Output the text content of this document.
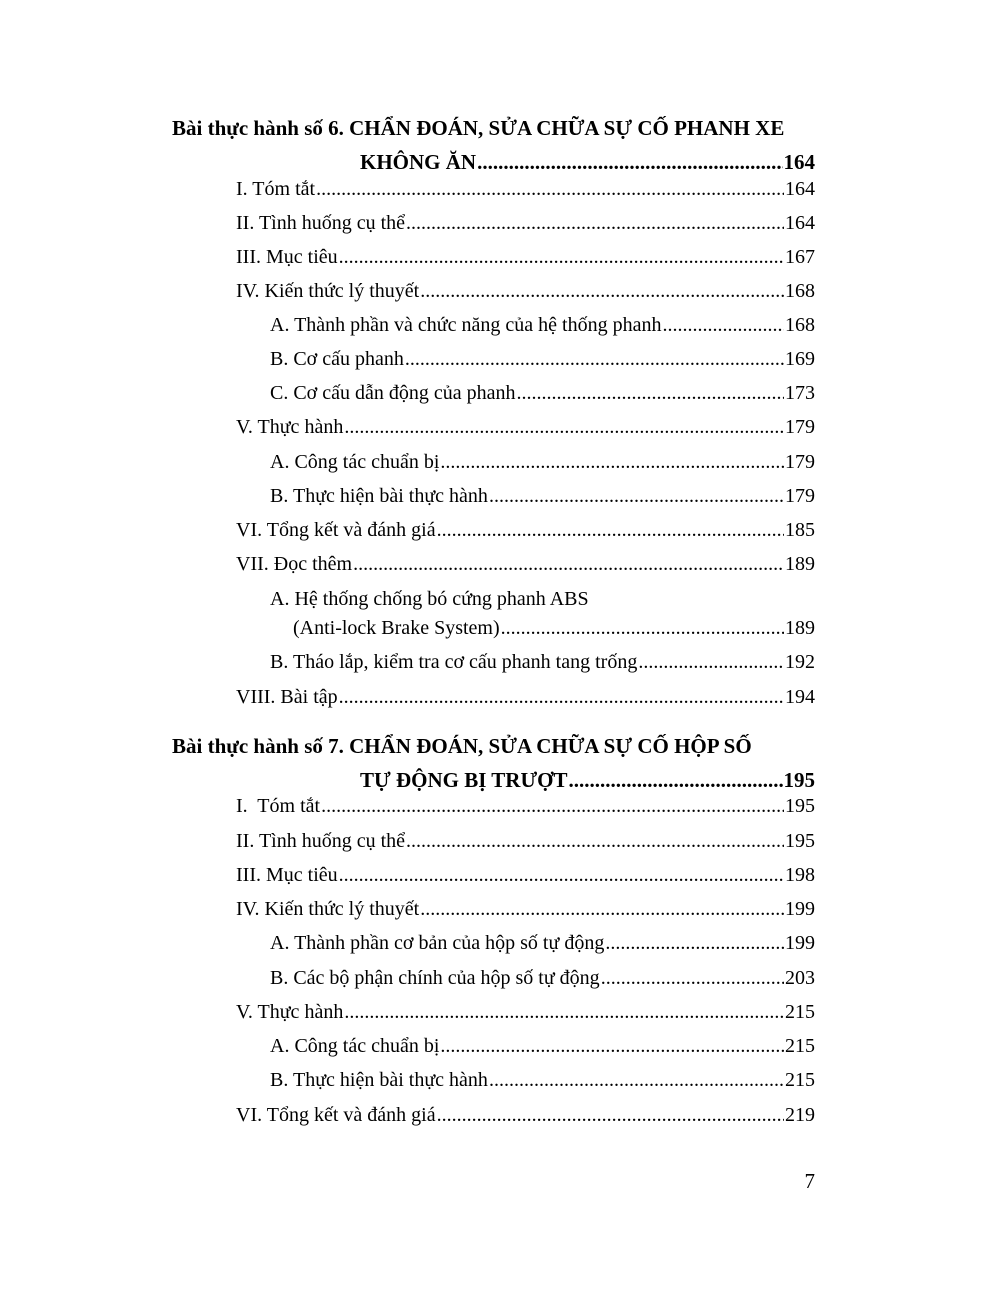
Bài thực hành số 6. CHẨN ĐOÁN, SỬA CHỮA SỰ CỐ PHANH XE
KHÔNG ĂN .....	164
I. Tóm tắt .....	164
II. Tình huống cụ thể .....	164
III. Mục tiêu .....	167
IV. Kiến thức lý thuyết .....	168
A. Thành phần và chức năng của hệ thống phanh .....	168
B. Cơ cấu phanh .....	169
C. Cơ cấu dẫn động của phanh .....	173
V. Thực hành .....	179
A. Công tác chuẩn bị .....	179
B. Thực hiện bài thực hành .....	179
VI. Tổng kết và đánh giá .....	185
VII. Đọc thêm .....	189
A. Hệ thống chống bó cứng phanh ABS
(Anti-lock Brake System) .....	189
B. Tháo lắp, kiểm tra cơ cấu phanh tang trống .....	192
VIII. Bài tập .....	194
Bài thực hành số 7. CHẨN ĐOÁN, SỬA CHỮA SỰ CỐ HỘP SỐ
TỰ ĐỘNG BỊ TRƯỢT .....	195
I.  Tóm tắt .....	195
II. Tình huống cụ thể .....	195
III. Mục tiêu .....	198
IV. Kiến thức lý thuyết .....	199
A. Thành phần cơ bản của hộp số tự động .....	199
B. Các bộ phận chính của hộp số tự động .....	203
V. Thực hành .....	215
A. Công tác chuẩn bị .....	215
B. Thực hiện bài thực hành .....	215
VI. Tổng kết và đánh giá .....	219
7
